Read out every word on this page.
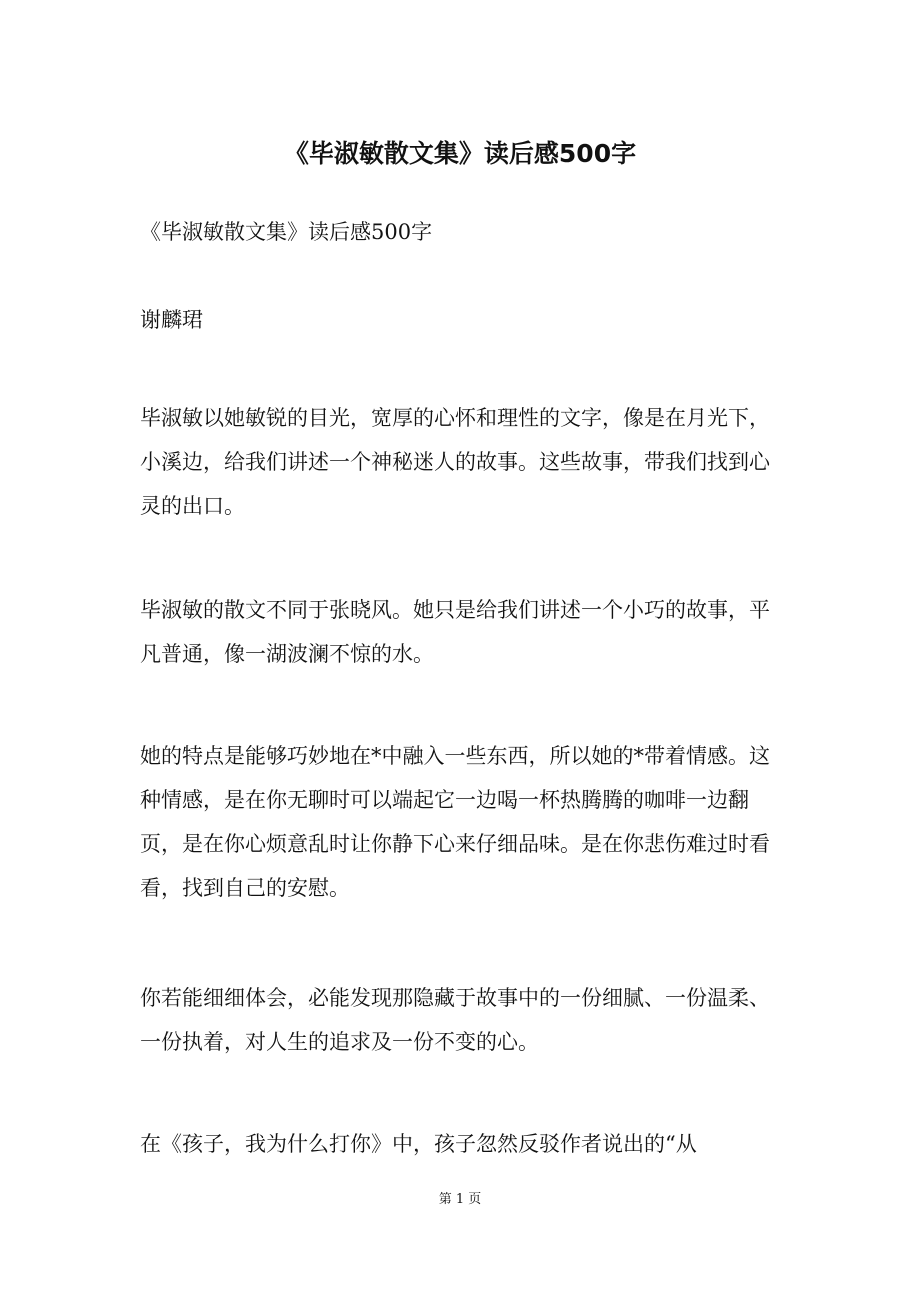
《毕淑敏散文集》读后感500字

《毕淑敏散文集》读后感500字

谢麟珺

毕淑敏以她敏锐的目光，宽厚的心怀和理性的文字，像是在月光下，小溪边，给我们讲述一个神秘迷人的故事。这些故事，带我们找到心灵的出口。

毕淑敏的散文不同于张晓风。她只是给我们讲述一个小巧的故事，平凡普通，像一湖波澜不惊的水。

她的特点是能够巧妙地在*中融入一些东西，所以她的*带着情感。这种情感，是在你无聊时可以端起它一边喝一杯热腾腾的咖啡一边翻页，是在你心烦意乱时让你静下心来仔细品味。是在你悲伤难过时看看，找到自己的安慰。

你若能细细体会，必能发现那隐藏于故事中的一份细腻、一份温柔、一份执着，对人生的追求及一份不变的心。

在《孩子，我为什么打你》中，孩子忽然反驳作者说出的“从

第 1 页
